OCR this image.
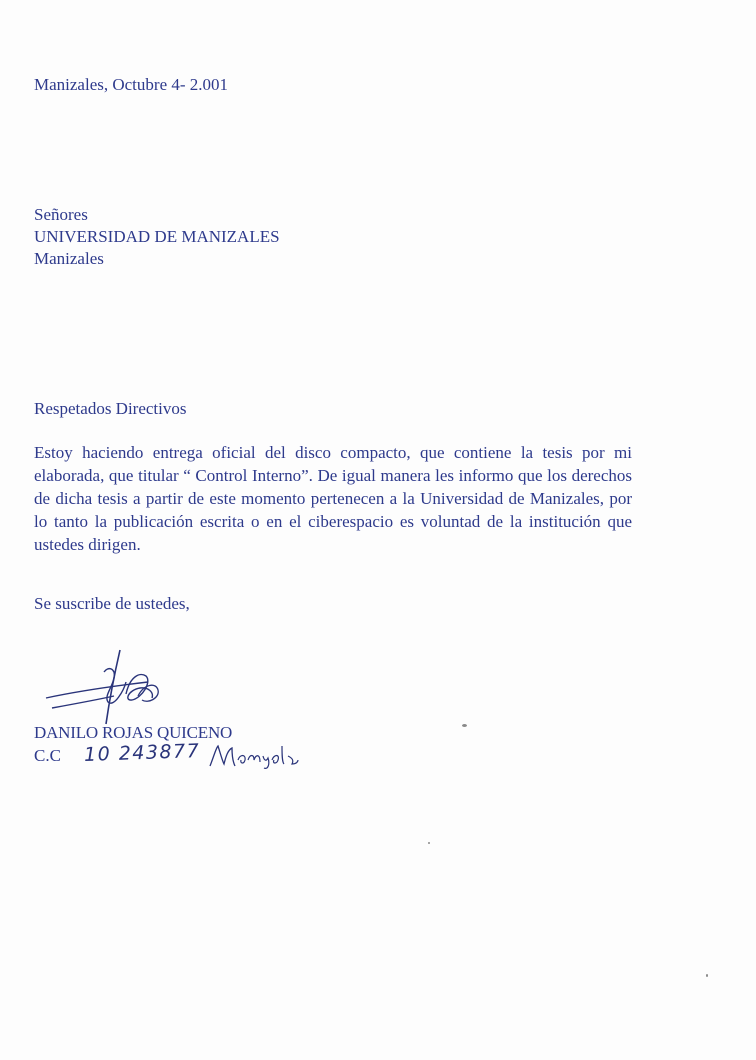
Manizales, Octubre 4- 2.001
Señores
UNIVERSIDAD DE MANIZALES
Manizales
Respetados Directivos
Estoy haciendo entrega oficial del disco compacto, que contiene la tesis por mi elaborada, que titular “ Control Interno”. De igual manera les informo que los derechos de dicha tesis a partir de este momento pertenecen a la Universidad de Manizales, por lo tanto la publicación escrita o en el ciberespacio es voluntad de la institución que ustedes dirigen.
Se suscribe de ustedes,
DANILO ROJAS QUICENO
C.C	10 243877
